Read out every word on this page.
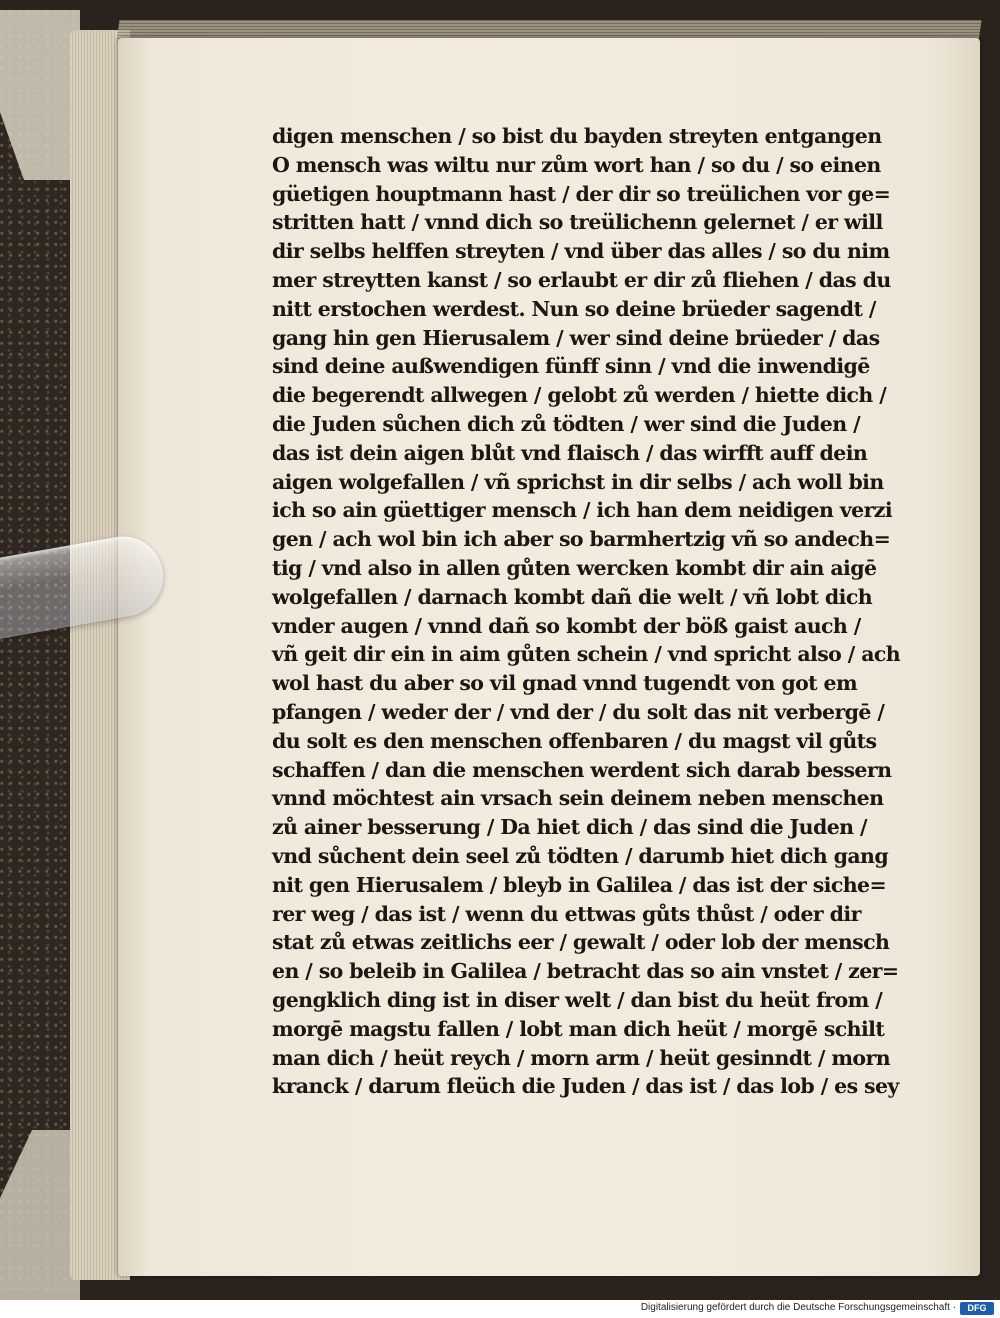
digen menschen / so bist du bayden streyten entgangen
O mensch was wiltu nur zům wort han / so du / so einen
güetigen houptmann hast / der dir so treülichen vor ge=
stritten hatt / vnnd dich so treülichenn gelernet / er will
dir selbs helffen streyten / vnd über das alles / so du nim
mer streytten kanst / so erlaubt er dir zů fliehen / das du
nitt erstochen werdest. Nun so deine brüeder sagendt /
gang hin gen Hierusalem / wer sind deine brüeder / das
sind deine außwendigen fünff sinn / vnd die inwendigē
die begerendt allwegen / gelobt zů werden / hiette dich /
die Juden sůchen dich zů tödten / wer sind die Juden /
das ist dein aigen blůt vnd flaisch / das wirfft auff dein
aigen wolgefallen / vñ sprichst in dir selbs / ach woll bin
ich so ain güettiger mensch / ich han dem neidigen verzi
gen / ach wol bin ich aber so barmhertzig vñ so andech=
tig / vnd also in allen gůten wercken kombt dir ain aigē
wolgefallen / darnach kombt dañ die welt / vñ lobt dich
vnder augen / vnnd dañ so kombt der böß gaist auch /
vñ geit dir ein in aim gůten schein / vnd spricht also / ach
wol hast du aber so vil gnad vnnd tugendt von got em
pfangen / weder der / vnd der / du solt das nit verbergē /
du solt es den menschen offenbaren / du magst vil gůts
schaffen / dan die menschen werdent sich darab bessern
vnnd möchtest ain vrsach sein deinem neben menschen
zů ainer besserung / Da hiet dich / das sind die Juden /
vnd sůchent dein seel zů tödten / darumb hiet dich gang
nit gen Hierusalem / bleyb in Galilea / das ist der siche=
rer weg / das ist / wenn du ettwas gůts thůst / oder dir
stat zů etwas zeitlichs eer / gewalt / oder lob der mensch
en / so beleib in Galilea / betracht das so ain vnstet / zer=
gengklich ding ist in diser welt / dan bist du heüt from /
morgē magstu fallen / lobt man dich heüt / morgē schilt
man dich / heüt reych / morn arm / heüt gesinndt / morn
kranck / darum fleüch die Juden / das ist / das lob / es sey
Digitalisierung gefördert durch die Deutsche Forschungsgemeinschaft ·	DFG
